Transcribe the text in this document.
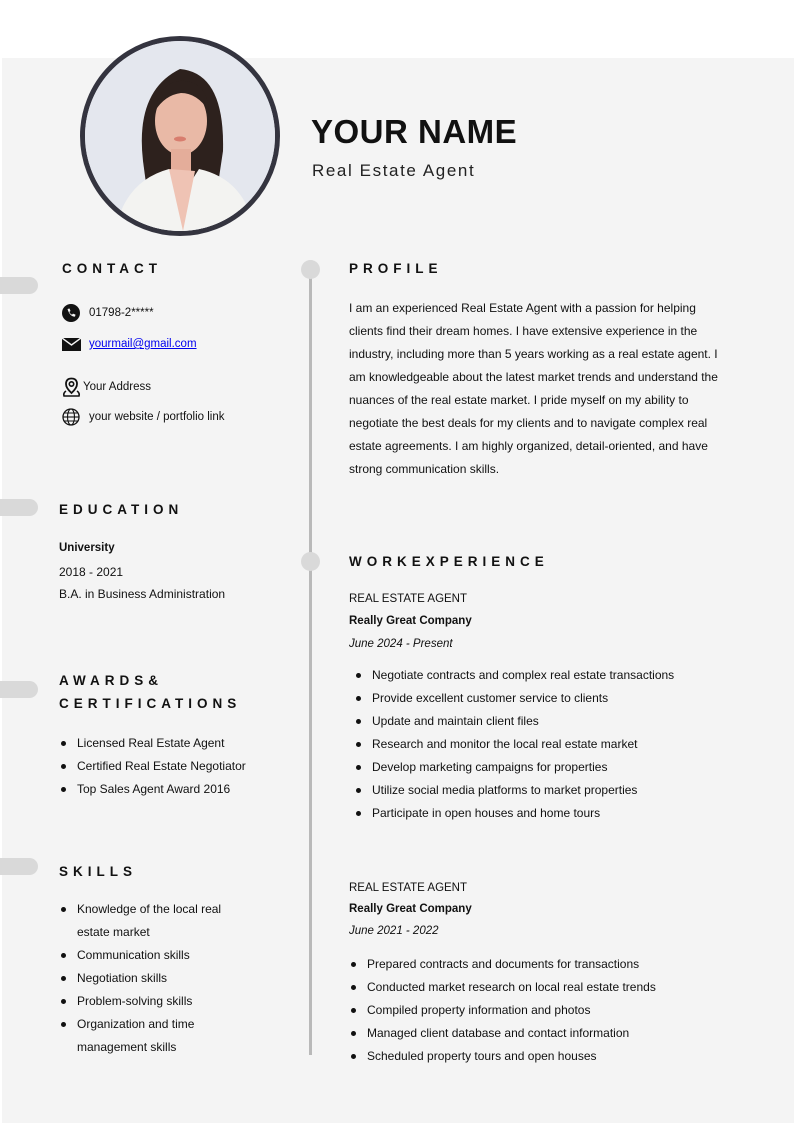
YOUR NAME
Real Estate Agent
CONTACT
01798-2*****
yourmail@gmail.com
Your Address
your website / portfolio link
EDUCATION
University
2018 - 2021
B.A. in Business Administration
AWARDS&
CERTIFICATIONS
Licensed Real Estate Agent
Certified Real Estate Negotiator
Top Sales Agent Award 2016
SKILLS
Knowledge of the local real estate market
Communication skills
Negotiation skills
Problem-solving skills
Organization and time management skills
PROFILE
I am an experienced Real Estate Agent with a passion for helping clients find their dream homes. I have extensive experience in the industry, including more than 5 years working as a real estate agent. I am knowledgeable about the latest market trends and understand the nuances of the real estate market. I pride myself on my ability to negotiate the best deals for my clients and to navigate complex real estate agreements. I am highly organized, detail-oriented, and have strong communication skills.
WORKEXPERIENCE
REAL ESTATE AGENT
Really Great Company
June 2024 - Present
Negotiate contracts and complex real estate transactions
Provide excellent customer service to clients
Update and maintain client files
Research and monitor the local real estate market
Develop marketing campaigns for properties
Utilize social media platforms to market properties
Participate in open houses and home tours
REAL ESTATE AGENT
Really Great Company
June 2021 - 2022
Prepared contracts and documents for transactions
Conducted market research on local real estate trends
Compiled property information and photos
Managed client database and contact information
Scheduled property tours and open houses
